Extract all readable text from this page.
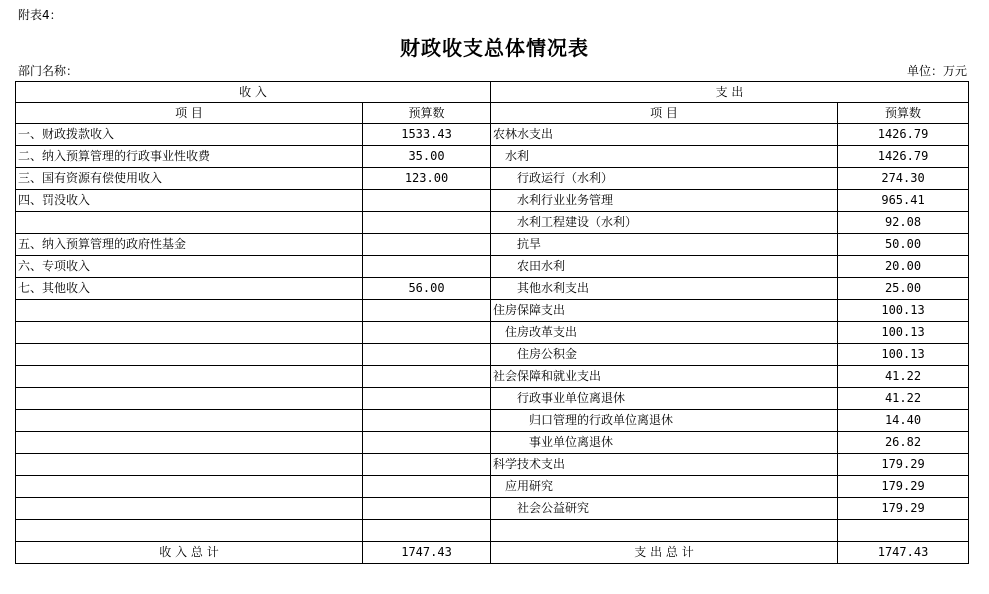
附表4：
财政收支总体情况表
部门名称：	单位：万元
收 入		支 出	
项 目	预算数	项 目	预算数
一、财政拨款收入	1533.43	农林水支出	1426.79
二、纳入预算管理的行政事业性收费	35.00	水利	1426.79
三、国有资源有偿使用收入	123.00	行政运行（水利）	274.30
四、罚没收入		水利行业业务管理	965.41
		水利工程建设（水利）	92.08
五、纳入预算管理的政府性基金		抗旱	50.00
六、专项收入		农田水利	20.00
七、其他收入	56.00	其他水利支出	25.00
		住房保障支出	100.13
		住房改革支出	100.13
		住房公积金	100.13
		社会保障和就业支出	41.22
		行政事业单位离退休	41.22
		归口管理的行政单位离退休	14.40
		事业单位离退休	26.82
		科学技术支出	179.29
		应用研究	179.29
		社会公益研究	179.29

收 入 总 计	1747.43	支 出 总 计	1747.43
